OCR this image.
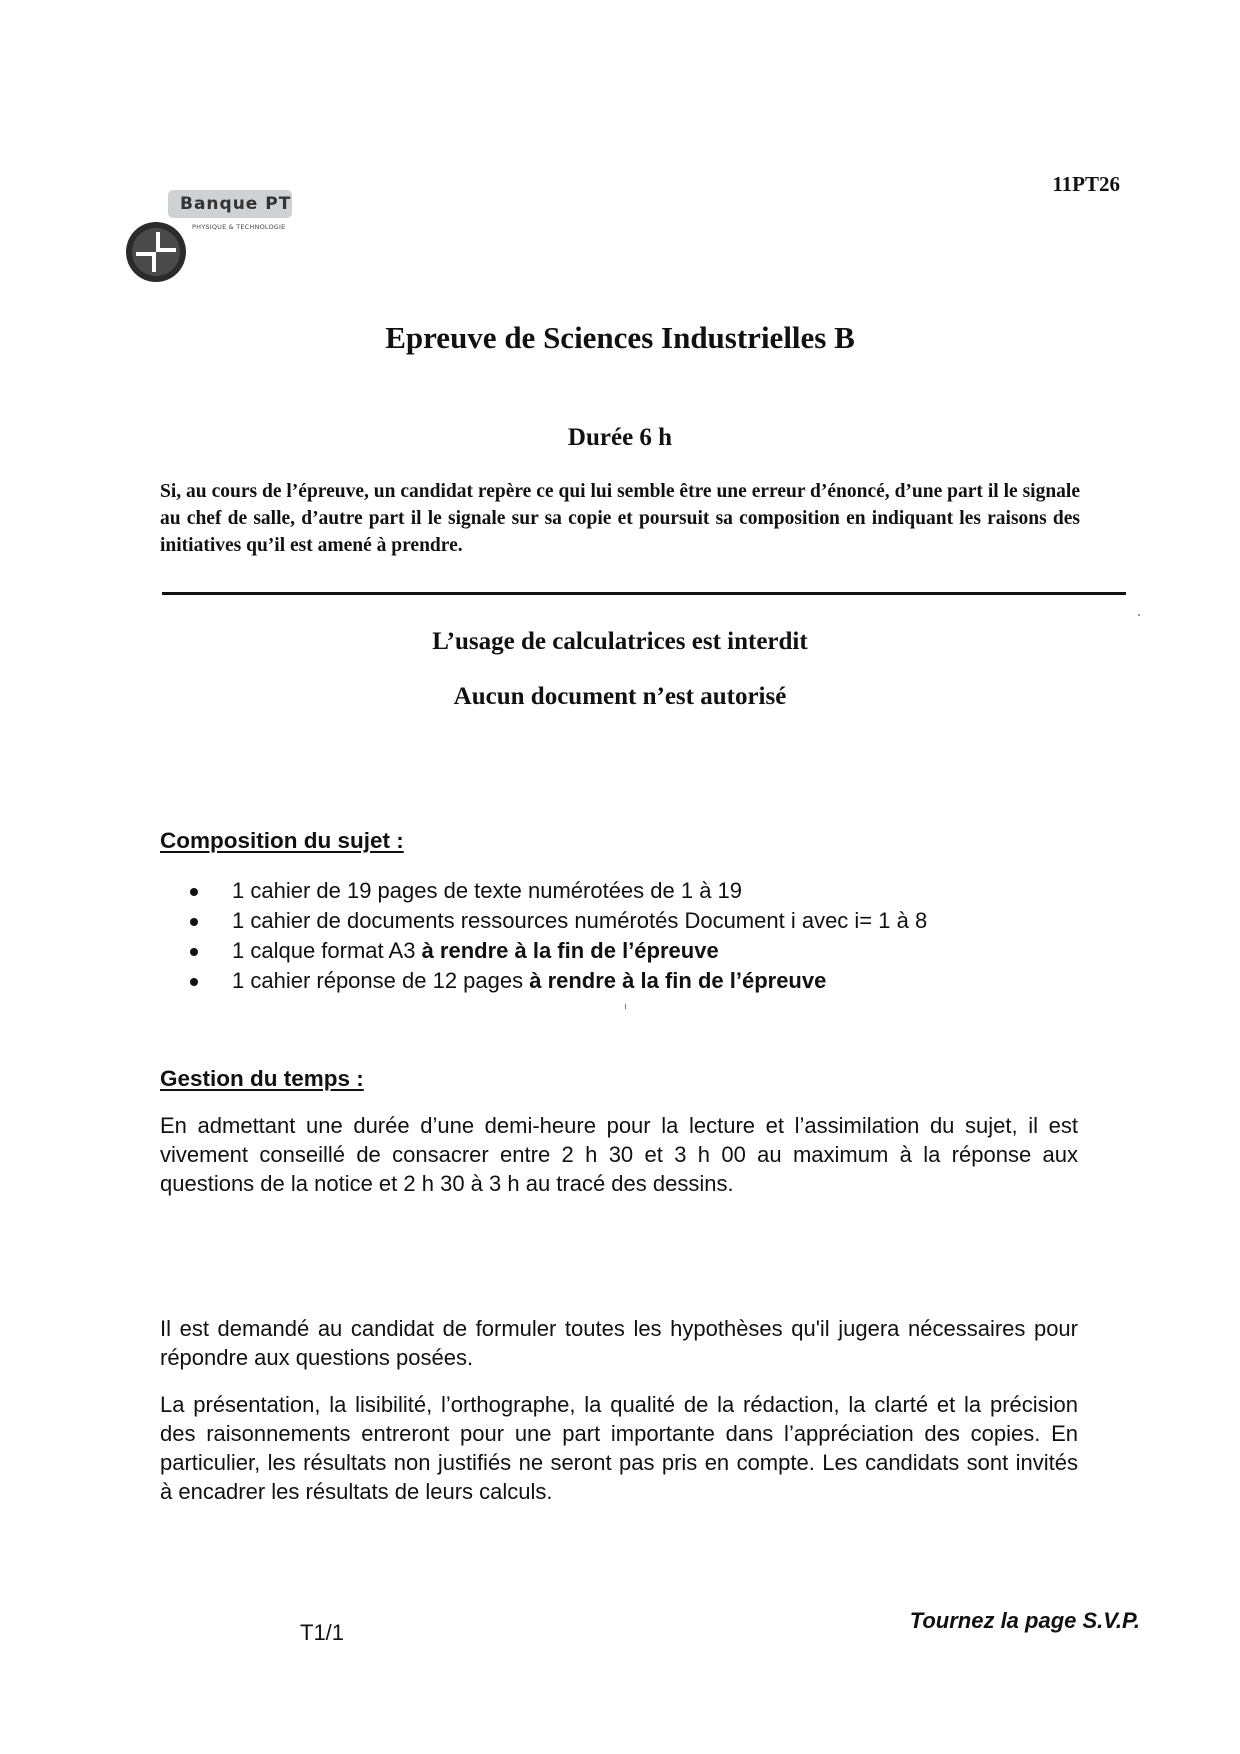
Banque PT
PHYSIQUE & TECHNOLOGIE
11PT26
Epreuve de Sciences Industrielles B
Durée 6 h
Si, au cours de l’épreuve, un candidat repère ce qui lui semble être une erreur d’énoncé, d’une part il le signale au chef de salle, d’autre part il le signale sur sa copie et poursuit sa composition en indiquant les raisons des initiatives qu’il est amené à prendre.
L’usage de calculatrices est interdit
Aucun document n’est autorisé
Composition du sujet :
1 cahier de 19 pages de texte numérotées de 1 à 19
1 cahier de documents ressources numérotés Document i avec i= 1 à 8
1 calque format A3 à rendre à la fin de l’épreuve
1 cahier réponse de 12 pages à rendre à la fin de l’épreuve
Gestion du temps :
En admettant une durée d’une demi-heure pour la lecture et l’assimilation du sujet, il est vivement conseillé de consacrer entre 2 h 30 et 3 h 00 au maximum à la réponse aux questions de la notice et 2 h 30 à 3 h au tracé des dessins.
Il est demandé au candidat de formuler toutes les hypothèses qu'il jugera nécessaires pour répondre aux questions posées.
La présentation, la lisibilité, l’orthographe, la qualité de la rédaction, la clarté et la précision des raisonnements entreront pour une part importante dans l’appréciation des copies. En particulier, les résultats non justifiés ne seront pas pris en compte. Les candidats sont invités à encadrer les résultats de leurs calculs.
T1/1	Tournez la page S.V.P.
